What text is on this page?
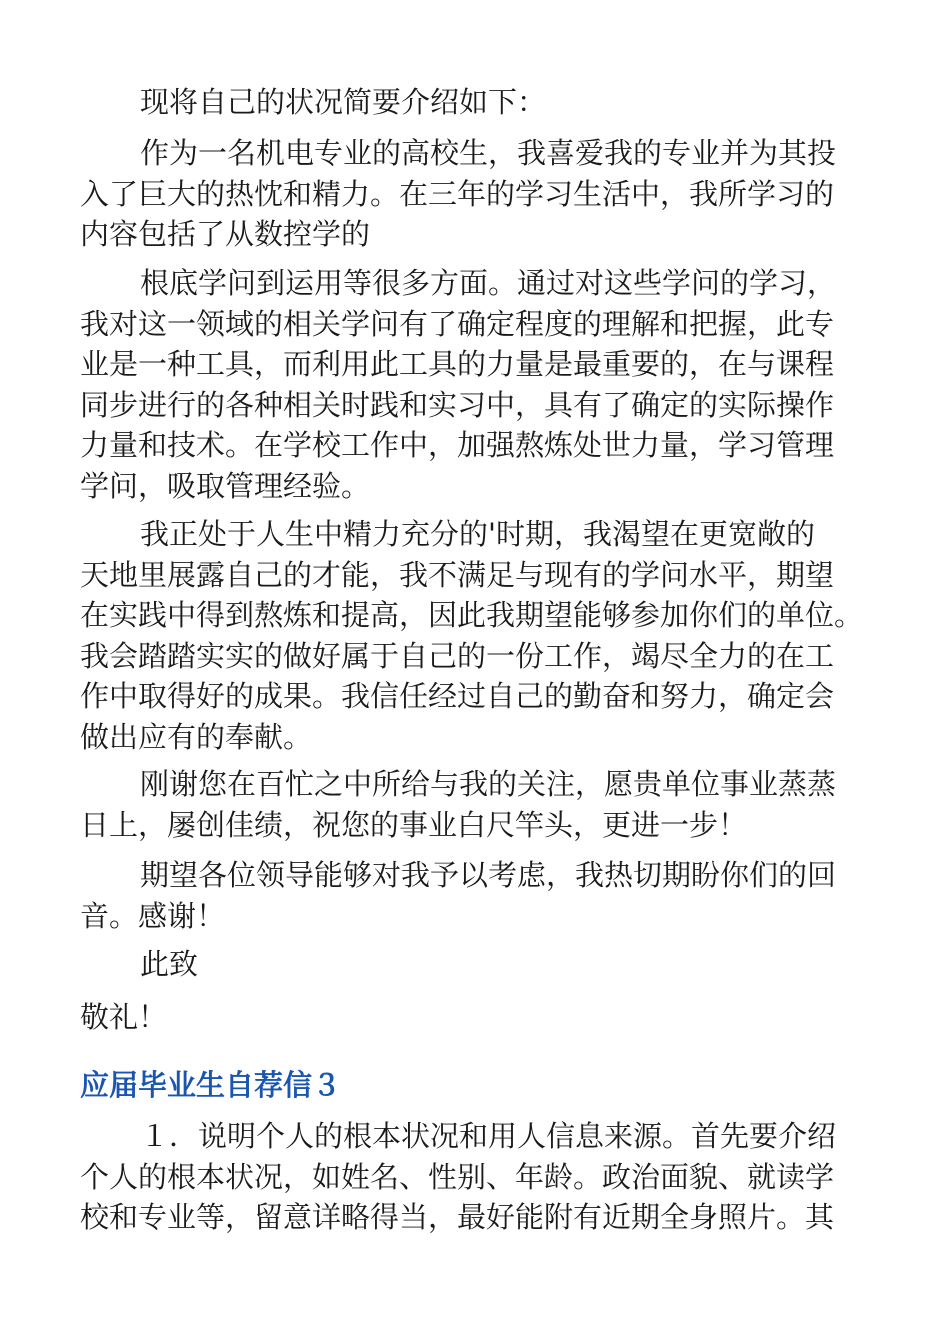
现将自己的状况简要介绍如下：
作为一名机电专业的高校生，我喜爱我的专业并为其投
入了巨大的热忱和精力。在三年的学习生活中，我所学习的
内容包括了从数控学的
根底学问到运用等很多方面。通过对这些学问的学习，
我对这一领域的相关学问有了确定程度的理解和把握，此专
业是一种工具，而利用此工具的力量是最重要的，在与课程
同步进行的各种相关时践和实习中，具有了确定的实际操作
力量和技术。在学校工作中，加强熬炼处世力量，学习管理
学问，吸取管理经验。
我正处于人生中精力充分的'时期，我渴望在更宽敞的
天地里展露自己的才能，我不满足与现有的学问水平，期望
在实践中得到熬炼和提高，因此我期望能够参加你们的单位。
我会踏踏实实的做好属于自己的一份工作，竭尽全力的在工
作中取得好的成果。我信任经过自己的勤奋和努力，确定会
做出应有的奉献。
刚谢您在百忙之中所给与我的关注，愿贵单位事业蒸蒸
日上，屡创佳绩，祝您的事业白尺竿头，更进一步！
期望各位领导能够对我予以考虑，我热切期盼你们的回
音。感谢！
此致
敬礼！
１．说明个人的根本状况和用人信息来源。首先要介绍
个人的根本状况，如姓名、性别、年龄。政治面貌、就读学
校和专业等，留意详略得当，最好能附有近期全身照片。其
应届毕业生自荐信３
